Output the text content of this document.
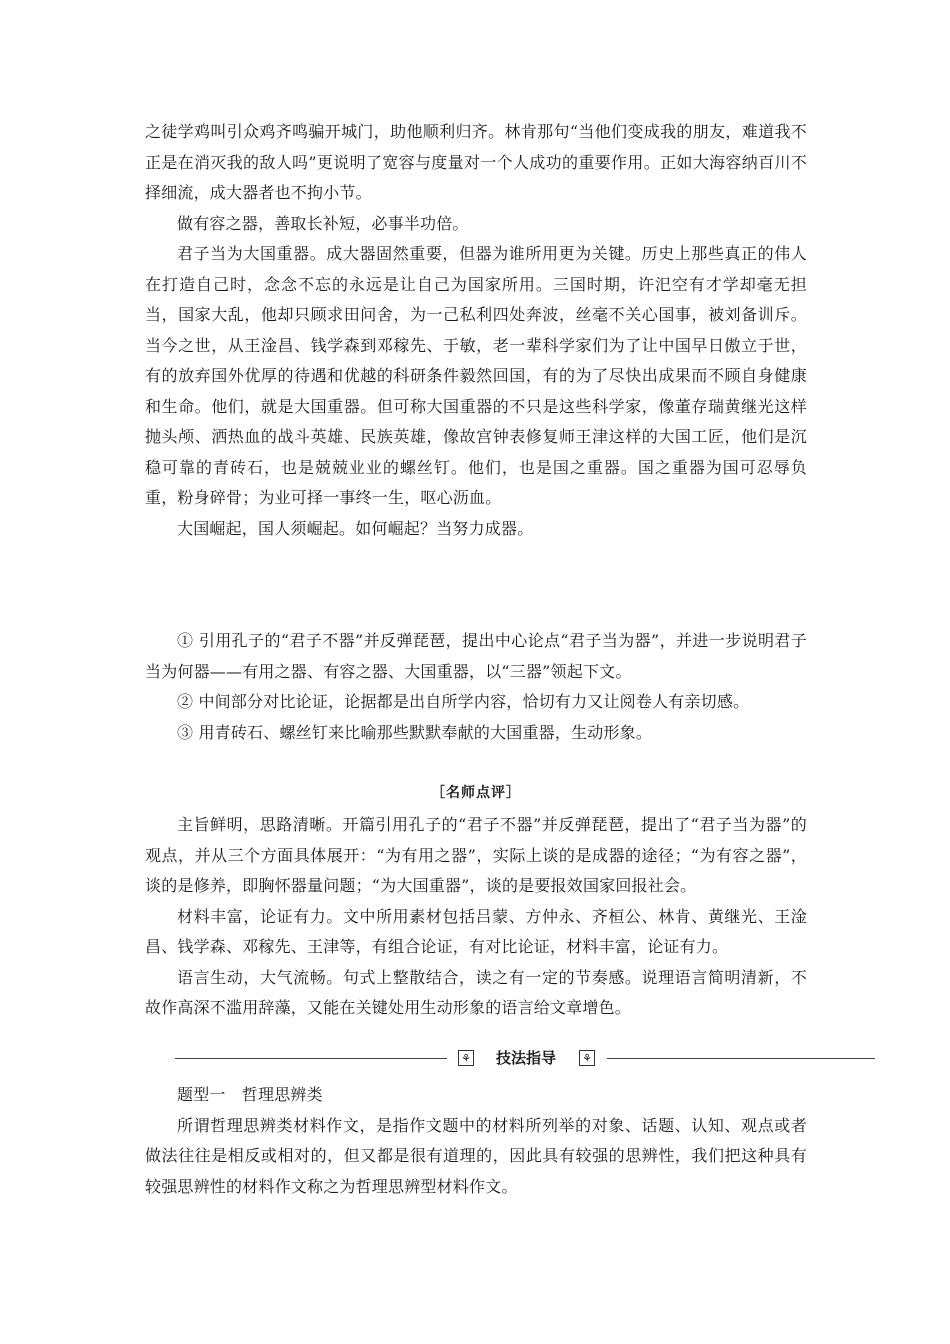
之徒学鸡叫引众鸡齐鸣骗开城门，助他顺利归齐。林肯那句“当他们变成我的朋友，难道我不正是在消灭我的敌人吗”更说明了宽容与度量对一个人成功的重要作用。正如大海容纳百川不择细流，成大器者也不拘小节。

做有容之器，善取长补短，必事半功倍。

君子当为大国重器。成大器固然重要，但器为谁所用更为关键。历史上那些真正的伟人在打造自己时，念念不忘的永远是让自己为国家所用。三国时期，许汜空有才学却毫无担当，国家大乱，他却只顾求田问舍，为一己私利四处奔波，丝毫不关心国事，被刘备训斥。当今之世，从王淦昌、钱学森到邓稼先、于敏，老一辈科学家们为了让中国早日傲立于世，有的放弃国外优厚的待遇和优越的科研条件毅然回国，有的为了尽快出成果而不顾自身健康和生命。他们，就是大国重器。但可称大国重器的不只是这些科学家，像董存瑞黄继光这样抛头颅、洒热血的战斗英雄、民族英雄，像故宫钟表修复师王津这样的大国工匠，他们是沉稳可靠的青砖石，也是兢兢业业的螺丝钉。他们，也是国之重器。国之重器为国可忍辱负重，粉身碎骨；为业可择一事终一生，呕心沥血。

大国崛起，国人须崛起。如何崛起？当努力成器。

① 引用孔子的“君子不器”并反弹琵琶，提出中心论点“君子当为器”，并进一步说明君子当为何器——有用之器、有容之器、大国重器，以“三器”领起下文。

② 中间部分对比论证，论据都是出自所学内容，恰切有力又让阅卷人有亲切感。

③ 用青砖石、螺丝钉来比喻那些默默奉献的大国重器，生动形象。

［名师点评］

主旨鲜明，思路清晰。开篇引用孔子的“君子不器”并反弹琵琶，提出了“君子当为器”的观点，并从三个方面具体展开：“为有用之器”，实际上谈的是成器的途径；“为有容之器”，谈的是修养，即胸怀器量问题；“为大国重器”，谈的是要报效国家回报社会。

材料丰富，论证有力。文中所用素材包括吕蒙、方仲永、齐桓公、林肯、黄继光、王淦昌、钱学森、邓稼先、王津等，有组合论证，有对比论证，材料丰富，论证有力。

语言生动，大气流畅。句式上整散结合，读之有一定的节奏感。说理语言简明清新，不故作高深不滥用辞藻，又能在关键处用生动形象的语言给文章增色。

⚘	技法指导	⚘

题型一　哲理思辨类

所谓哲理思辨类材料作文，是指作文题中的材料所列举的对象、话题、认知、观点或者做法往往是相反或相对的，但又都是很有道理的，因此具有较强的思辨性，我们把这种具有较强思辨性的材料作文称之为哲理思辨型材料作文。
